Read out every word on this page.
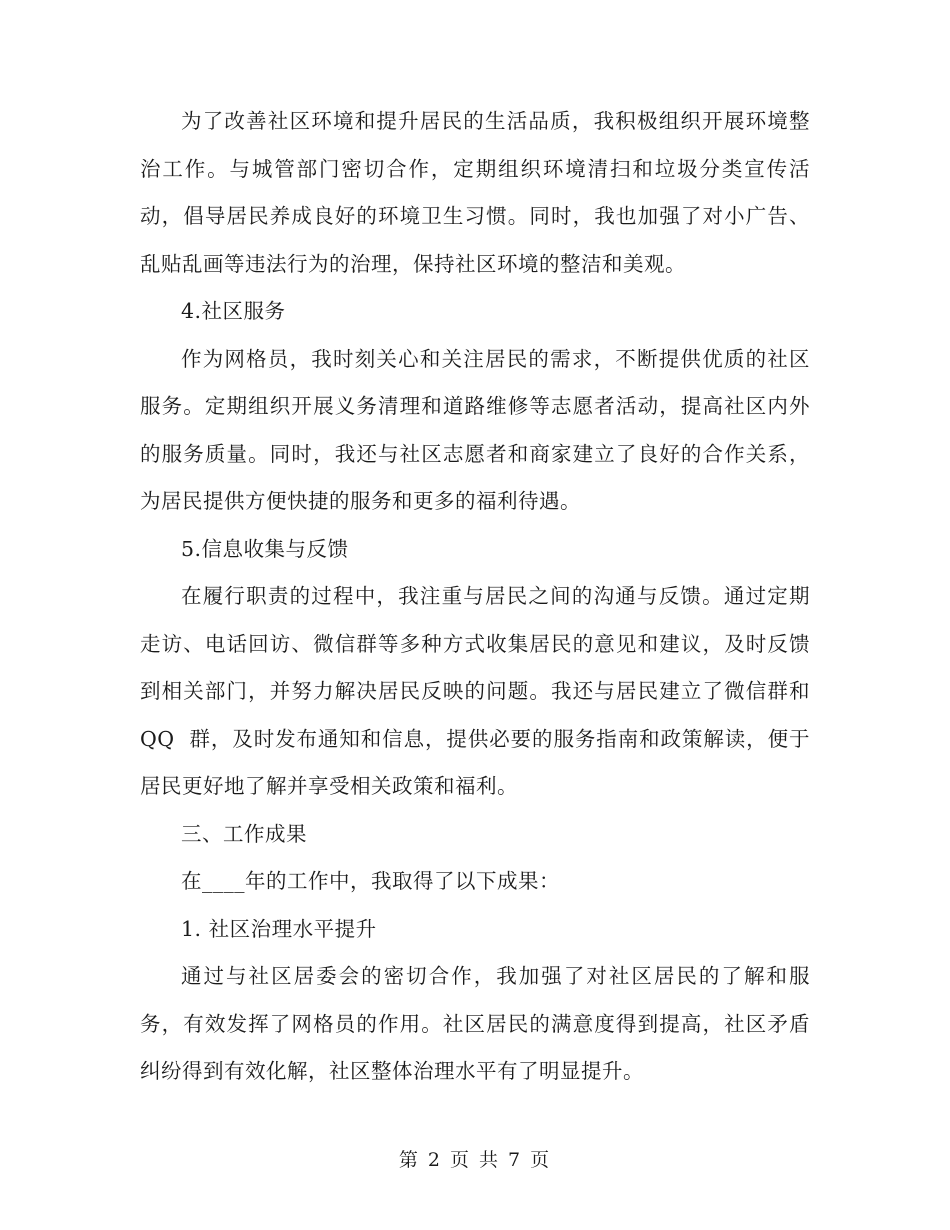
为了改善社区环境和提升居民的生活品质，我积极组织开展环境整治工作。与城管部门密切合作，定期组织环境清扫和垃圾分类宣传活动，倡导居民养成良好的环境卫生习惯。同时，我也加强了对小广告、乱贴乱画等违法行为的治理，保持社区环境的整洁和美观。

4.社区服务

作为网格员，我时刻关心和关注居民的需求，不断提供优质的社区服务。定期组织开展义务清理和道路维修等志愿者活动，提高社区内外的服务质量。同时，我还与社区志愿者和商家建立了良好的合作关系，为居民提供方便快捷的服务和更多的福利待遇。

5.信息收集与反馈

在履行职责的过程中，我注重与居民之间的沟通与反馈。通过定期走访、电话回访、微信群等多种方式收集居民的意见和建议，及时反馈到相关部门，并努力解决居民反映的问题。我还与居民建立了微信群和 QQ  群，及时发布通知和信息，提供必要的服务指南和政策解读，便于居民更好地了解并享受相关政策和福利。

三、工作成果

在____年的工作中，我取得了以下成果：

1. 社区治理水平提升

通过与社区居委会的密切合作，我加强了对社区居民的了解和服务，有效发挥了网格员的作用。社区居民的满意度得到提高，社区矛盾纠纷得到有效化解，社区整体治理水平有了明显提升。

第 2 页 共 7 页
